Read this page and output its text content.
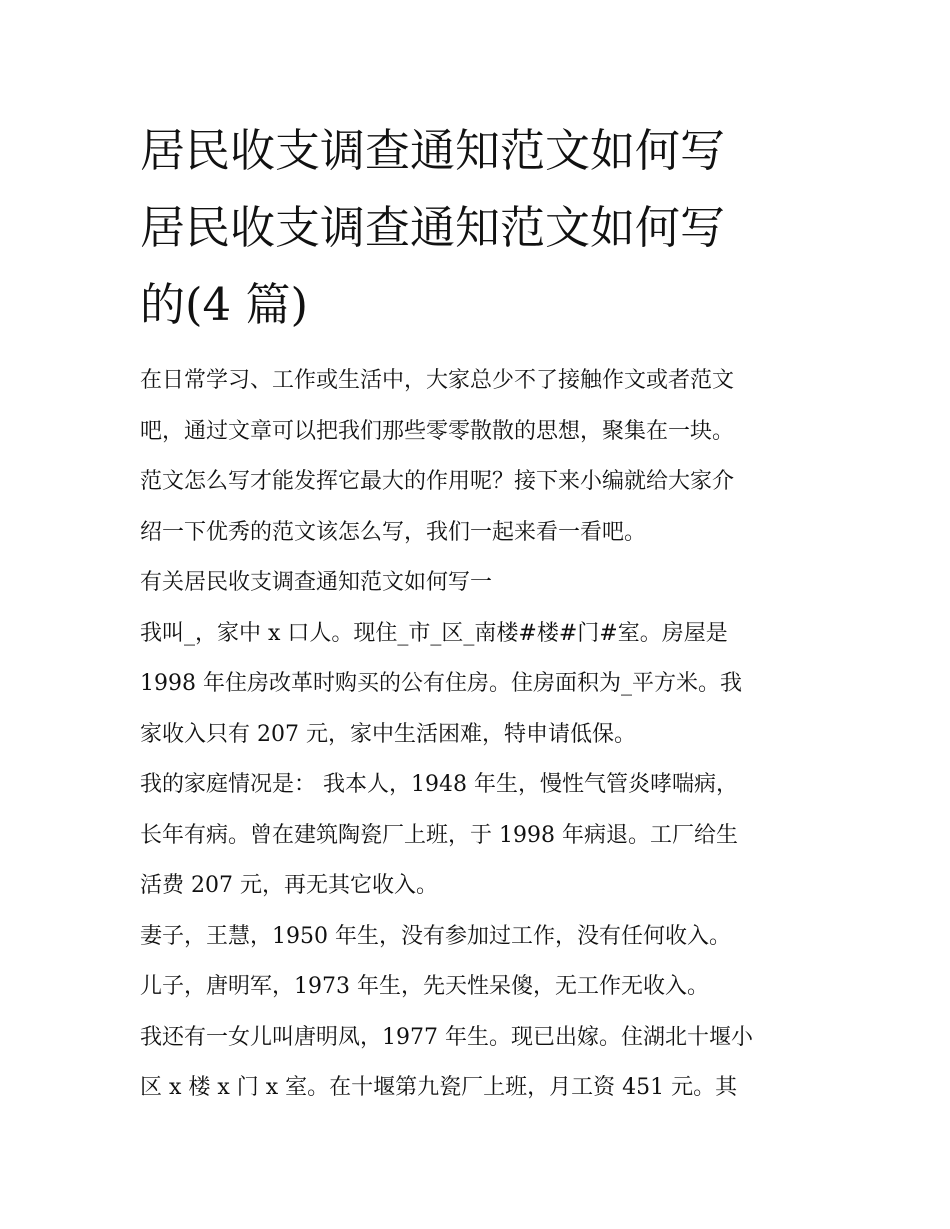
居民收支调查通知范文如何写
居民收支调查通知范文如何写
的(4 篇)
在日常学习、工作或生活中，大家总少不了接触作文或者范文
吧，通过文章可以把我们那些零零散散的思想，聚集在一块。
范文怎么写才能发挥它最大的作用呢？接下来小编就给大家介
绍一下优秀的范文该怎么写，我们一起来看一看吧。
有关居民收支调查通知范文如何写一
我叫_，家中 x 口人。现住_市_区_南楼#楼#门#室。房屋是
1998 年住房改革时购买的公有住房。住房面积为_平方米。我
家收入只有 207 元，家中生活困难，特申请低保。
我的家庭情况是： 我本人，1948 年生，慢性气管炎哮喘病，
长年有病。曾在建筑陶瓷厂上班，于 1998 年病退。工厂给生
活费 207 元，再无其它收入。
妻子，王慧，1950 年生，没有参加过工作，没有任何收入。
儿子，唐明军，1973 年生，先天性呆傻，无工作无收入。
我还有一女儿叫唐明凤，1977 年生。现已出嫁。住湖北十堰小
区 x 楼 x 门 x 室。在十堰第九瓷厂上班，月工资 451 元。其
